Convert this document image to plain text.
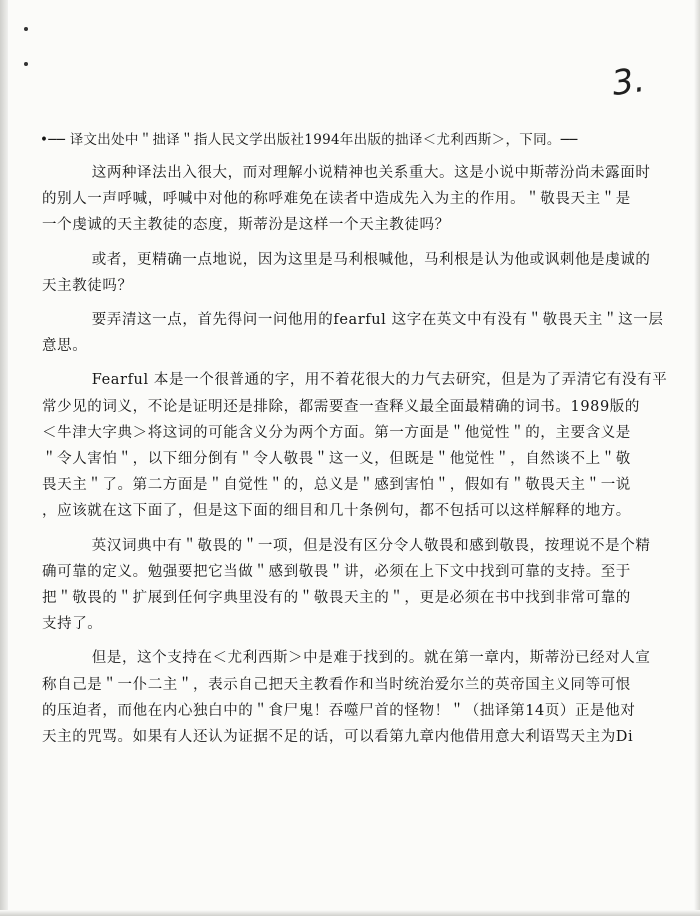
3.
•── 译文出处中＂拙译＂指人民文学出版社1994年出版的拙译＜尤利西斯＞，下同。──

这两种译法出入很大，而对理解小说精神也关系重大。这是小说中斯蒂汾尚未露面时
的别人一声呼喊，呼喊中对他的称呼难免在读者中造成先入为主的作用。＂敬畏天主＂是
一个虔诚的天主教徒的态度，斯蒂汾是这样一个天主教徒吗？

或者，更精确一点地说，因为这里是马利根喊他，马利根是认为他或讽刺他是虔诚的
天主教徒吗？

要弄清这一点，首先得问一问他用的fearful 这字在英文中有没有＂敬畏天主＂这一层
意思。

Fearful 本是一个很普通的字，用不着花很大的力气去研究，但是为了弄清它有没有平
常少见的词义，不论是证明还是排除，都需要查一查释义最全面最精确的词书。1989版的
＜牛津大字典＞将这词的可能含义分为两个方面。第一方面是＂他觉性＂的，主要含义是
＂令人害怕＂，以下细分倒有＂令人敬畏＂这一义，但既是＂他觉性＂，自然谈不上＂敬
畏天主＂了。第二方面是＂自觉性＂的，总义是＂感到害怕＂，假如有＂敬畏天主＂一说
，应该就在这下面了，但是这下面的细目和几十条例句，都不包括可以这样解释的地方。

英汉词典中有＂敬畏的＂一项，但是没有区分令人敬畏和感到敬畏，按理说不是个精
确可靠的定义。勉强要把它当做＂感到敬畏＂讲，必须在上下文中找到可靠的支持。至于
把＂敬畏的＂扩展到任何字典里没有的＂敬畏天主的＂，更是必须在书中找到非常可靠的
支持了。

但是，这个支持在＜尤利西斯＞中是难于找到的。就在第一章内，斯蒂汾已经对人宣
称自己是＂一仆二主＂，表示自己把天主教看作和当时统治爱尔兰的英帝国主义同等可恨
的压迫者，而他在内心独白中的＂食尸鬼！吞噬尸首的怪物！＂（拙译第14页）正是他对
天主的咒骂。如果有人还认为证据不足的话，可以看第九章内他借用意大利语骂天主为Di
